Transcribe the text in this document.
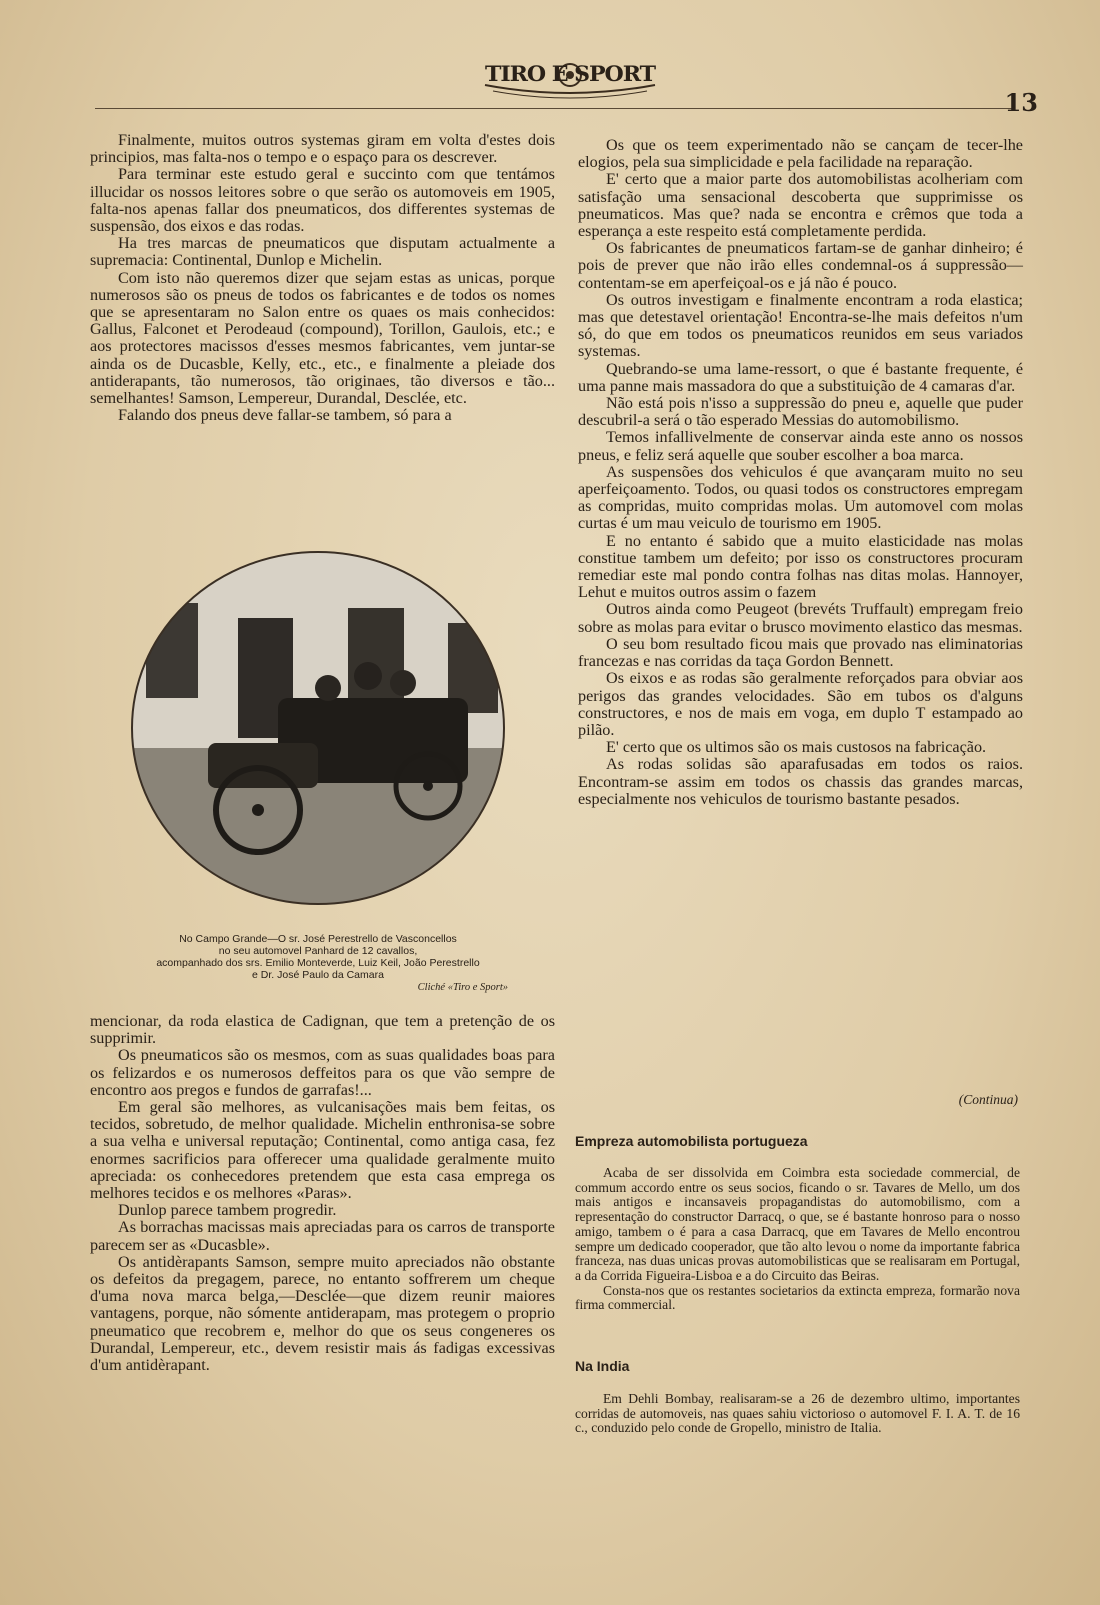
TIRO E SPORT
13

Finalmente, muitos outros systemas giram em volta d'estes dois principios, mas falta-nos o tempo e o espaço para os descrever.

Para terminar este estudo geral e succinto com que tentámos illucidar os nossos leitores sobre o que serão os automoveis em 1905, falta-nos apenas fallar dos pneumaticos, dos differentes systemas de suspensão, dos eixos e das rodas.

Ha tres marcas de pneumaticos que disputam actualmente a supremacia: Continental, Dunlop e Michelin.

Com isto não queremos dizer que sejam estas as unicas, porque numerosos são os pneus de todos os fabricantes e de todos os nomes que se apresentaram no Salon entre os quaes os mais conhecidos: Gallus, Falconet et Perodeaud (compound), Torillon, Gaulois, etc.; e aos protectores macissos d'esses mesmos fabricantes, vem juntar-se ainda os de Ducasble, Kelly, etc., etc., e finalmente a pleiade dos antiderapants, tão numerosos, tão originaes, tão diversos e tão... semelhantes! Samson, Lempereur, Durandal, Desclée, etc.

Falando dos pneus deve fallar-se tambem, só para a

No Campo Grande—O sr. José Perestrello de Vasconcellos
no seu automovel Panhard de 12 cavallos,
acompanhado dos srs. Emilio Monteverde, Luiz Keil, João Perestrello
e Dr. José Paulo da Camara
Cliché «Tiro e Sport»

mencionar, da roda elastica de Cadignan, que tem a pretenção de os supprimir.

Os pneumaticos são os mesmos, com as suas qualidades boas para os felizardos e os numerosos deffeitos para os que vão sempre de encontro aos pregos e fundos de garrafas!...

Em geral são melhores, as vulcanisações mais bem feitas, os tecidos, sobretudo, de melhor qualidade. Michelin enthronisa-se sobre a sua velha e universal reputação; Continental, como antiga casa, fez enormes sacrificios para offerecer uma qualidade geralmente muito apreciada: os conhecedores pretendem que esta casa emprega os melhores tecidos e os melhores «Paras».

Dunlop parece tambem progredir.

As borrachas macissas mais apreciadas para os carros de transporte parecem ser as «Ducasble».

Os antidèrapants Samson, sempre muito apreciados não obstante os defeitos da pregagem, parece, no entanto soffrerem um cheque d'uma nova marca belga,—Desclée—que dizem reunir maiores vantagens, porque, não sómente antiderapam, mas protegem o proprio pneumatico que recobrem e, melhor do que os seus congeneres os Durandal, Lempereur, etc., devem resistir mais ás fadigas excessivas d'um antidèrapant.

Os que os teem experimentado não se cançam de tecer-lhe elogios, pela sua simplicidade e pela facilidade na reparação.

E' certo que a maior parte dos automobilistas acolheriam com satisfação uma sensacional descoberta que supprimisse os pneumaticos. Mas que? nada se encontra e crêmos que toda a esperança a este respeito está completamente perdida.

Os fabricantes de pneumaticos fartam-se de ganhar dinheiro; é pois de prever que não irão elles condemnal-os á suppressão—contentam-se em aperfeiçoal-os e já não é pouco.

Os outros investigam e finalmente encontram a roda elastica; mas que detestavel orientação! Encontra-se-lhe mais defeitos n'um só, do que em todos os pneumaticos reunidos em seus variados systemas.

Quebrando-se uma lame-ressort, o que é bastante frequente, é uma panne mais massadora do que a substituição de 4 camaras d'ar.

Não está pois n'isso a suppressão do pneu e, aquelle que puder descubril-a será o tão esperado Messias do automobilismo.

Temos infallivelmente de conservar ainda este anno os nossos pneus, e feliz será aquelle que souber escolher a boa marca.

As suspensões dos vehiculos é que avançaram muito no seu aperfeiçoamento. Todos, ou quasi todos os constructores empregam as compridas, muito compridas molas. Um automovel com molas curtas é um mau veiculo de tourismo em 1905.

E no entanto é sabido que a muito elasticidade nas molas constitue tambem um defeito; por isso os constructores procuram remediar este mal pondo contra folhas nas ditas molas. Hannoyer, Lehut e muitos outros assim o fazem

Outros ainda como Peugeot (brevéts Truffault) empregam freio sobre as molas para evitar o brusco movimento elastico das mesmas.

O seu bom resultado ficou mais que provado nas eliminatorias francezas e nas corridas da taça Gordon Bennett.

Os eixos e as rodas são geralmente reforçados para obviar aos perigos das grandes velocidades. São em tubos os d'alguns constructores, e nos de mais em voga, em duplo T estampado ao pilão.

E' certo que os ultimos são os mais custosos na fabricação.

As rodas solidas são aparafusadas em todos os raios. Encontram-se assim em todos os chassis das grandes marcas, especialmente nos vehiculos de tourismo bastante pesados.

(Continua)
Empreza automobilista portugueza

Acaba de ser dissolvida em Coimbra esta sociedade commercial, de commum accordo entre os seus socios, ficando o sr. Tavares de Mello, um dos mais antigos e incansaveis propagandistas do automobilismo, com a representação do constructor Darracq, o que, se é bastante honroso para o nosso amigo, tambem o é para a casa Darracq, que em Tavares de Mello encontrou sempre um dedicado cooperador, que tão alto levou o nome da importante fabrica franceza, nas duas unicas provas automobilisticas que se realisaram em Portugal, a da Corrida Figueira-Lisboa e a do Circuito das Beiras.

Consta-nos que os restantes societarios da extincta empreza, formarão nova firma commercial.

Na India

Em Dehli Bombay, realisaram-se a 26 de dezembro ultimo, importantes corridas de automoveis, nas quaes sahiu victorioso o automovel F. I. A. T. de 16 c., conduzido pelo conde de Gropello, ministro de Italia.
